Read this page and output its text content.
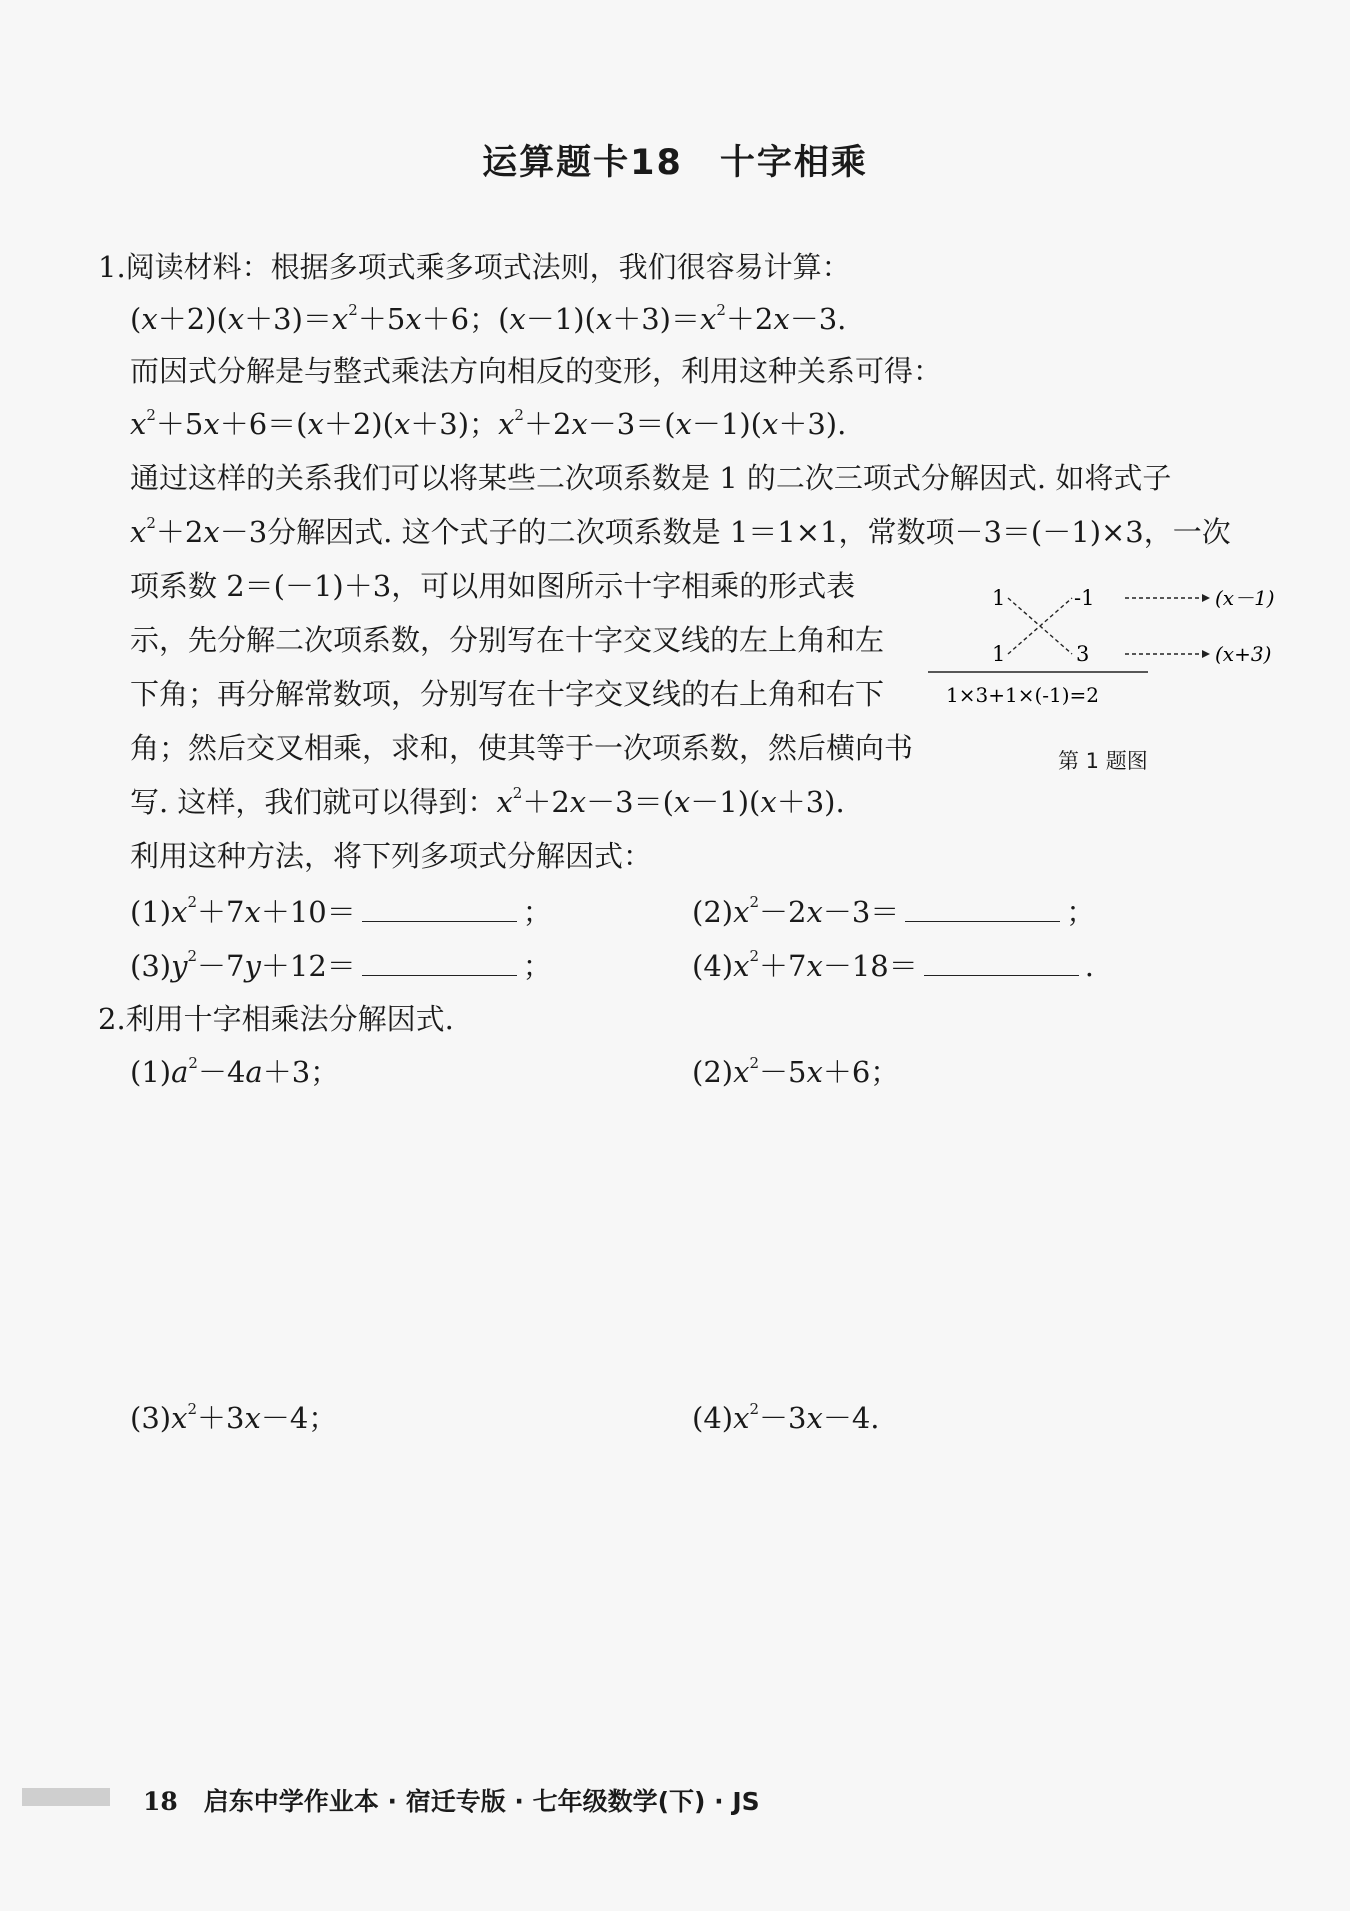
运算题卡18　十字相乘
1.阅读材料：根据多项式乘多项式法则，我们很容易计算：
$(x+2)(x+3)=x^2+5x+6$；$(x-1)(x+3)=x^2+2x-3$.
而因式分解是与整式乘法方向相反的变形，利用这种关系可得：
$x^2+5x+6=(x+2)(x+3)$；$x^2+2x-3=(x-1)(x+3)$.
通过这样的关系我们可以将某些二次项系数是 1 的二次三项式分解因式. 如将式子
$x^2+2x-3$分解因式. 这个式子的二次项系数是 1＝1×1，常数项－3＝(－1)×3，一次
项系数 2＝(－1)＋3，可以用如图所示十字相乘的形式表
示，先分解二次项系数，分别写在十字交叉线的左上角和左
下角；再分解常数项，分别写在十字交叉线的右上角和右下
角；然后交叉相乘，求和，使其等于一次项系数，然后横向书
写. 这样，我们就可以得到：$x^2+2x-3=(x-1)(x+3)$.
利用这种方法，将下列多项式分解因式：
1
1
-1
3
(x－1)
(x+3)
1×3+1×(-1)=2
第 1 题图
$(1)x^2+7x+10=$	；	$(2)x^2-2x-3=$	；
$(3)y^2-7y+12=$	；	$(4)x^2+7x-18=$	.
2.利用十字相乘法分解因式.
$(1)a^2-4a+3$；	$(2)x^2-5x+6$；
$(3)x^2+3x-4$；	$(4)x^2-3x-4$.
18 启东中学作业本 · 宿迁专版 · 七年级数学(下) · JS
